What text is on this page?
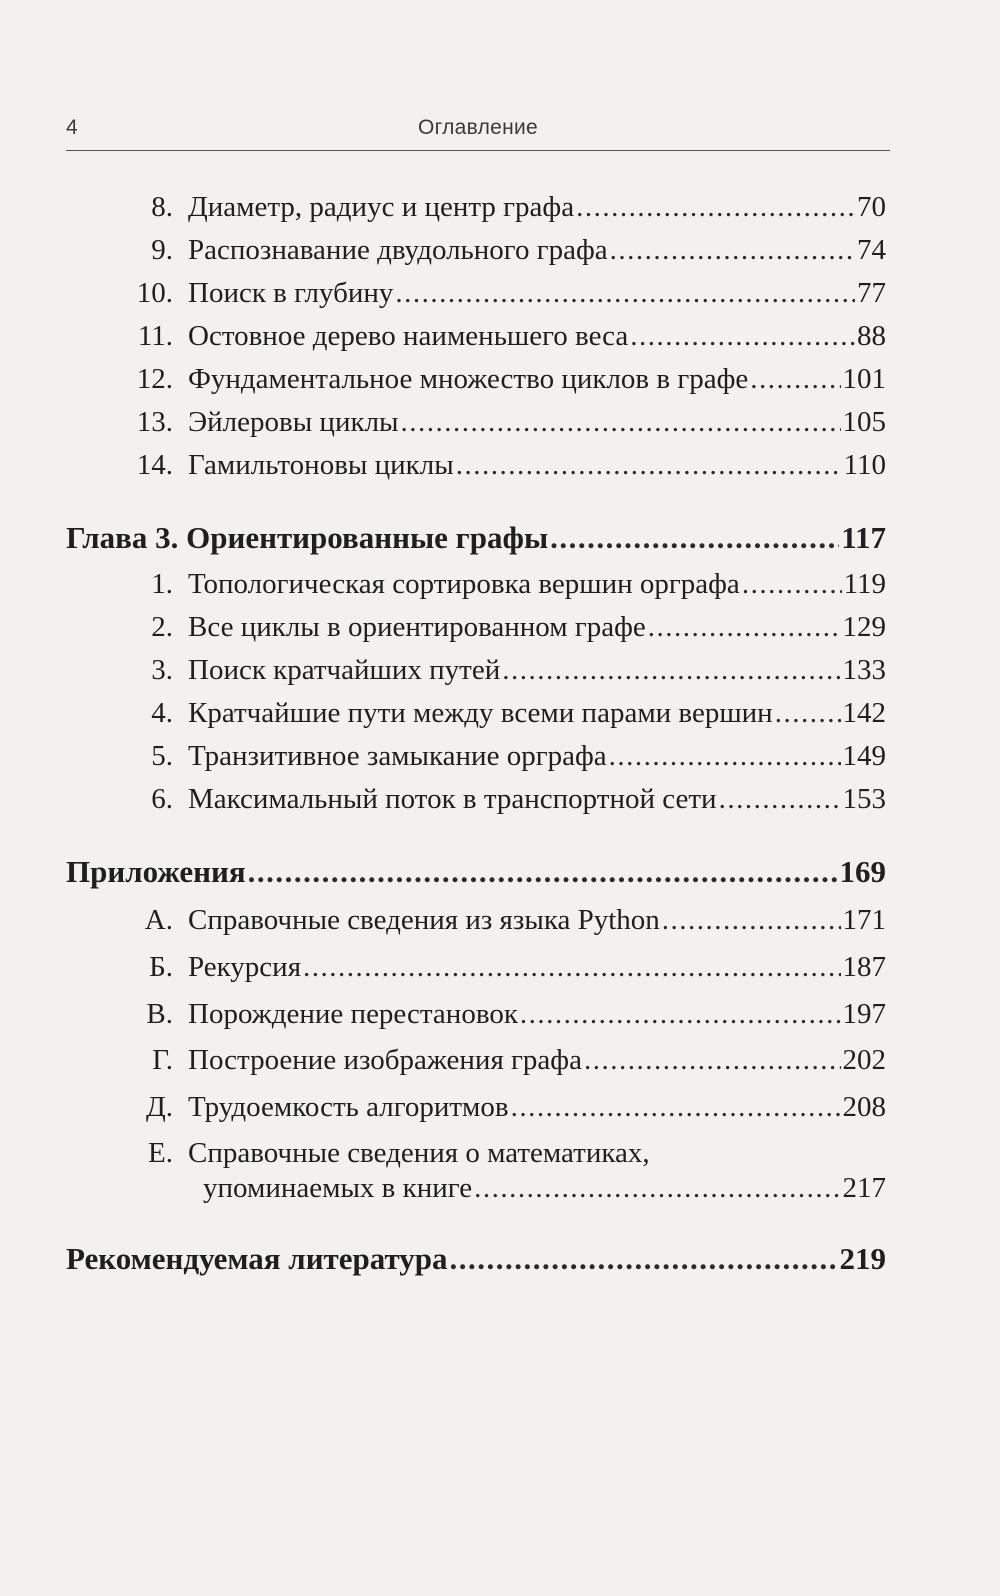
4	Оглавление
8. Диаметр, радиус и центр графа .....	70
9. Распознавание двудольного графа .....	74
10. Поиск в глубину .....	77
11. Остовное дерево наименьшего веса .....	88
12. Фундаментальное множество циклов в графе .....	101
13. Эйлеровы циклы .....	105
14. Гамильтоновы циклы .....	110
Глава 3. Ориентированные графы .....	117
1. Топологическая сортировка вершин орграфа .....	119
2. Все циклы в ориентированном графе .....	129
3. Поиск кратчайших путей .....	133
4. Кратчайшие пути между всеми парами вершин ..... 142
5. Транзитивное замыкание орграфа .....	149
6. Максимальный поток в транспортной сети .....	153
Приложения .....	169
А. Справочные сведения из языка Python .....	171
Б. Рекурсия .....	187
В. Порождение перестановок .....	197
Г. Построение изображения графа .....	202
Д. Трудоемкость алгоритмов .....	208
Е. Справочные сведения о математиках,
упоминаемых в книге .....	217
Рекомендуемая литература .....	219
